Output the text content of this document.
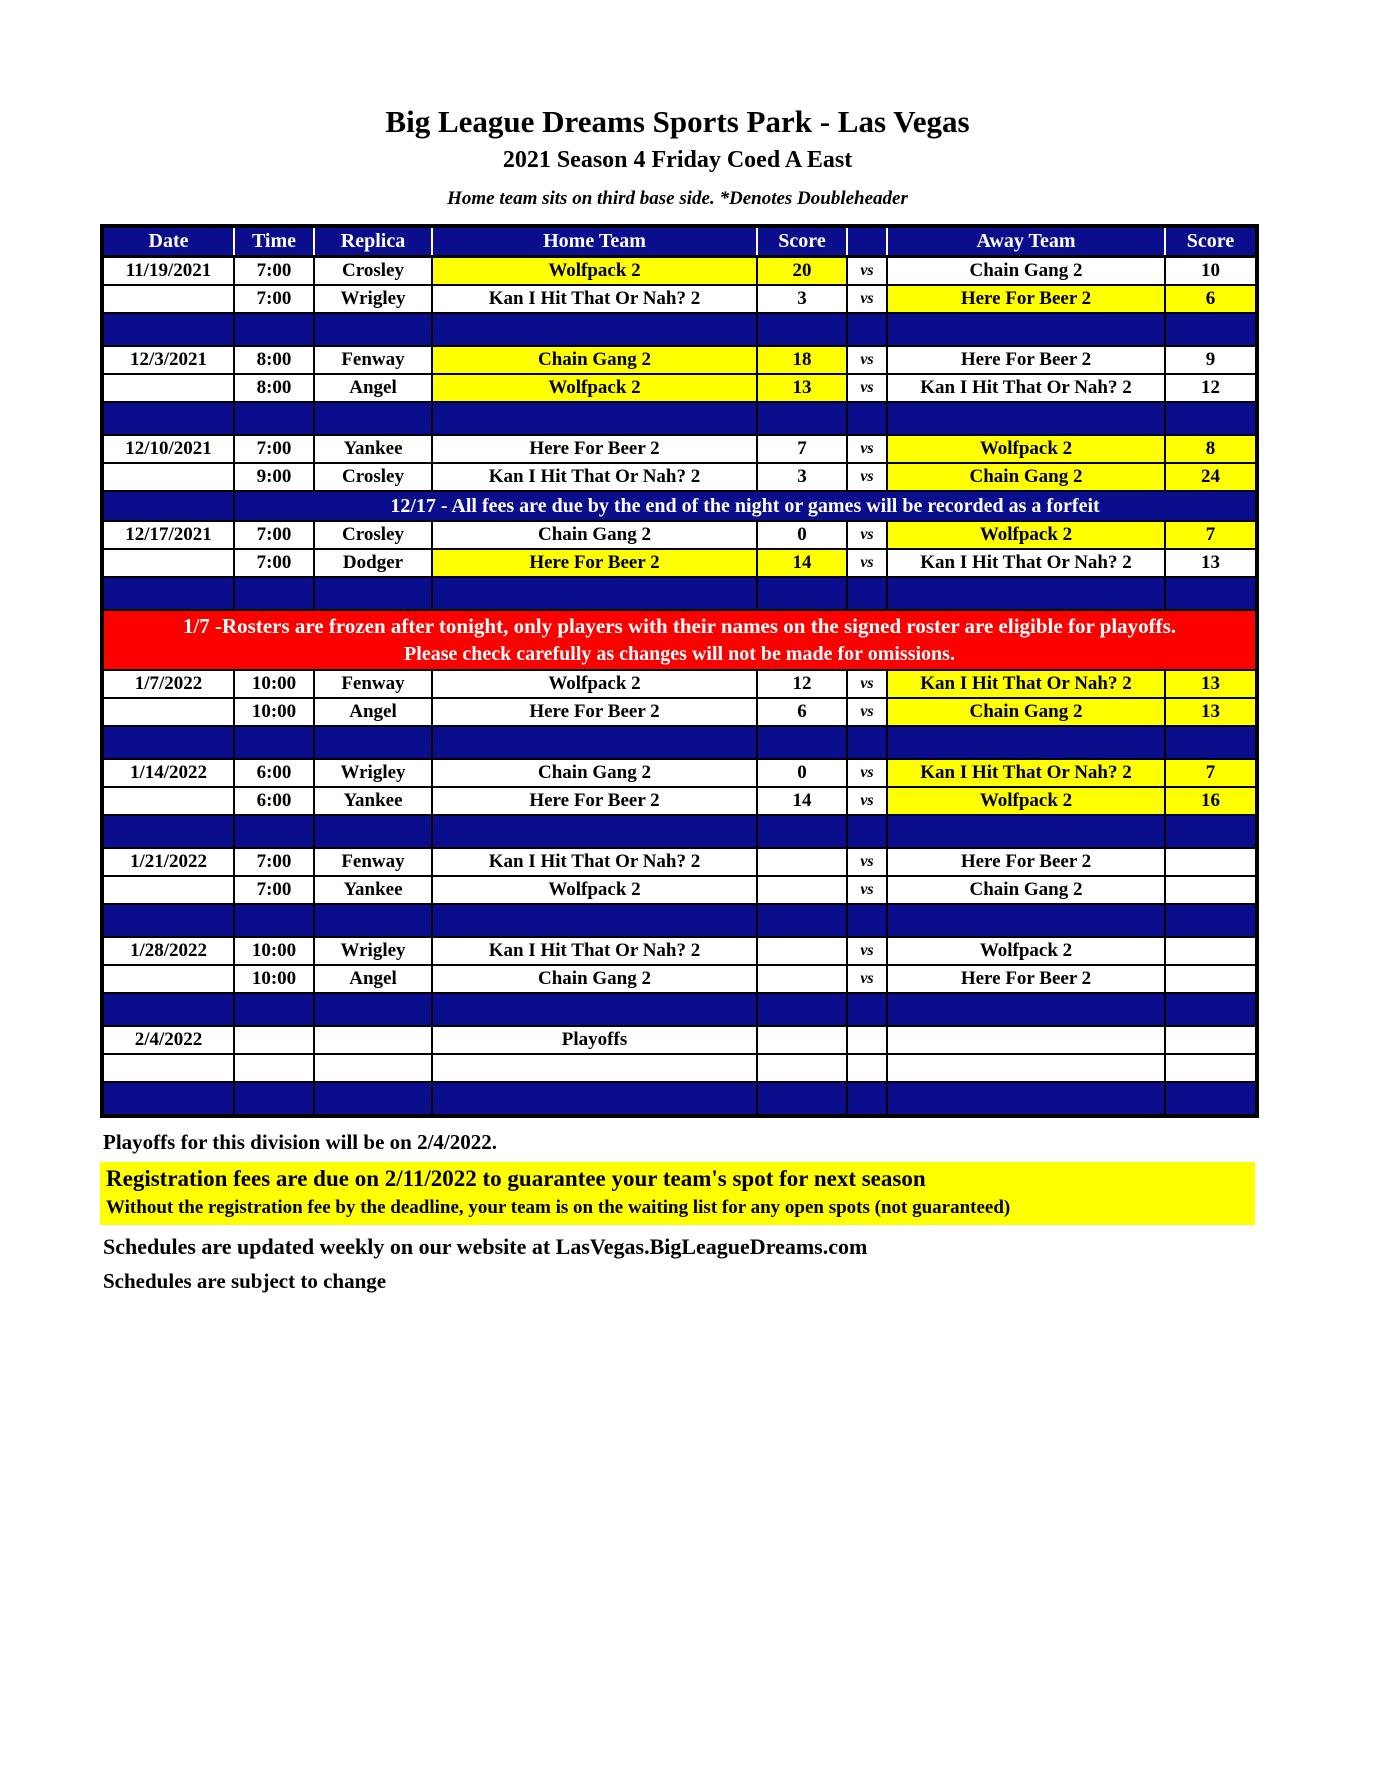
Big League Dreams Sports Park - Las Vegas
2021 Season 4 Friday Coed A East
Home team sits on third base side. *Denotes Doubleheader
Date	Time	Replica	Home Team	Score		Away Team	Score
11/19/2021	7:00	Crosley	Wolfpack 2	20	vs	Chain Gang 2	10
	7:00	Wrigley	Kan I Hit That Or Nah? 2	3	vs	Here For Beer 2	6

12/3/2021	8:00	Fenway	Chain Gang 2	18	vs	Here For Beer 2	9
	8:00	Angel	Wolfpack 2	13	vs	Kan I Hit That Or Nah? 2	12

12/10/2021	7:00	Yankee	Here For Beer 2	7	vs	Wolfpack 2	8
	9:00	Crosley	Kan I Hit That Or Nah? 2	3	vs	Chain Gang 2	24
	12/17 - All fees are due by the end of the night or games will be recorded as a forfeit						
12/17/2021	7:00	Crosley	Chain Gang 2	0	vs	Wolfpack 2	7
	7:00	Dodger	Here For Beer 2	14	vs	Kan I Hit That Or Nah? 2	13

1/7 -Rosters are frozen after tonight, only players with their names on the signed roster are eligible for playoffs.
Please check carefully as changes will not be made for omissions.							

1/7/2022	10:00	Fenway	Wolfpack 2	12	vs	Kan I Hit That Or Nah? 2	13
	10:00	Angel	Here For Beer 2	6	vs	Chain Gang 2	13

1/14/2022	6:00	Wrigley	Chain Gang 2	0	vs	Kan I Hit That Or Nah? 2	7
	6:00	Yankee	Here For Beer 2	14	vs	Wolfpack 2	16

1/21/2022	7:00	Fenway	Kan I Hit That Or Nah? 2		vs	Here For Beer 2	
	7:00	Yankee	Wolfpack 2		vs	Chain Gang 2	

1/28/2022	10:00	Wrigley	Kan I Hit That Or Nah? 2		vs	Wolfpack 2	
	10:00	Angel	Chain Gang 2		vs	Here For Beer 2	

2/4/2022			Playoffs				

Playoffs for this division will be on 2/4/2022.
Registration fees are due on 2/11/2022 to guarantee your team's spot for next season
Without the registration fee by the deadline, your team is on the waiting list for any open spots (not guaranteed)
Schedules are updated weekly on our website at LasVegas.BigLeagueDreams.com
Schedules are subject to change
